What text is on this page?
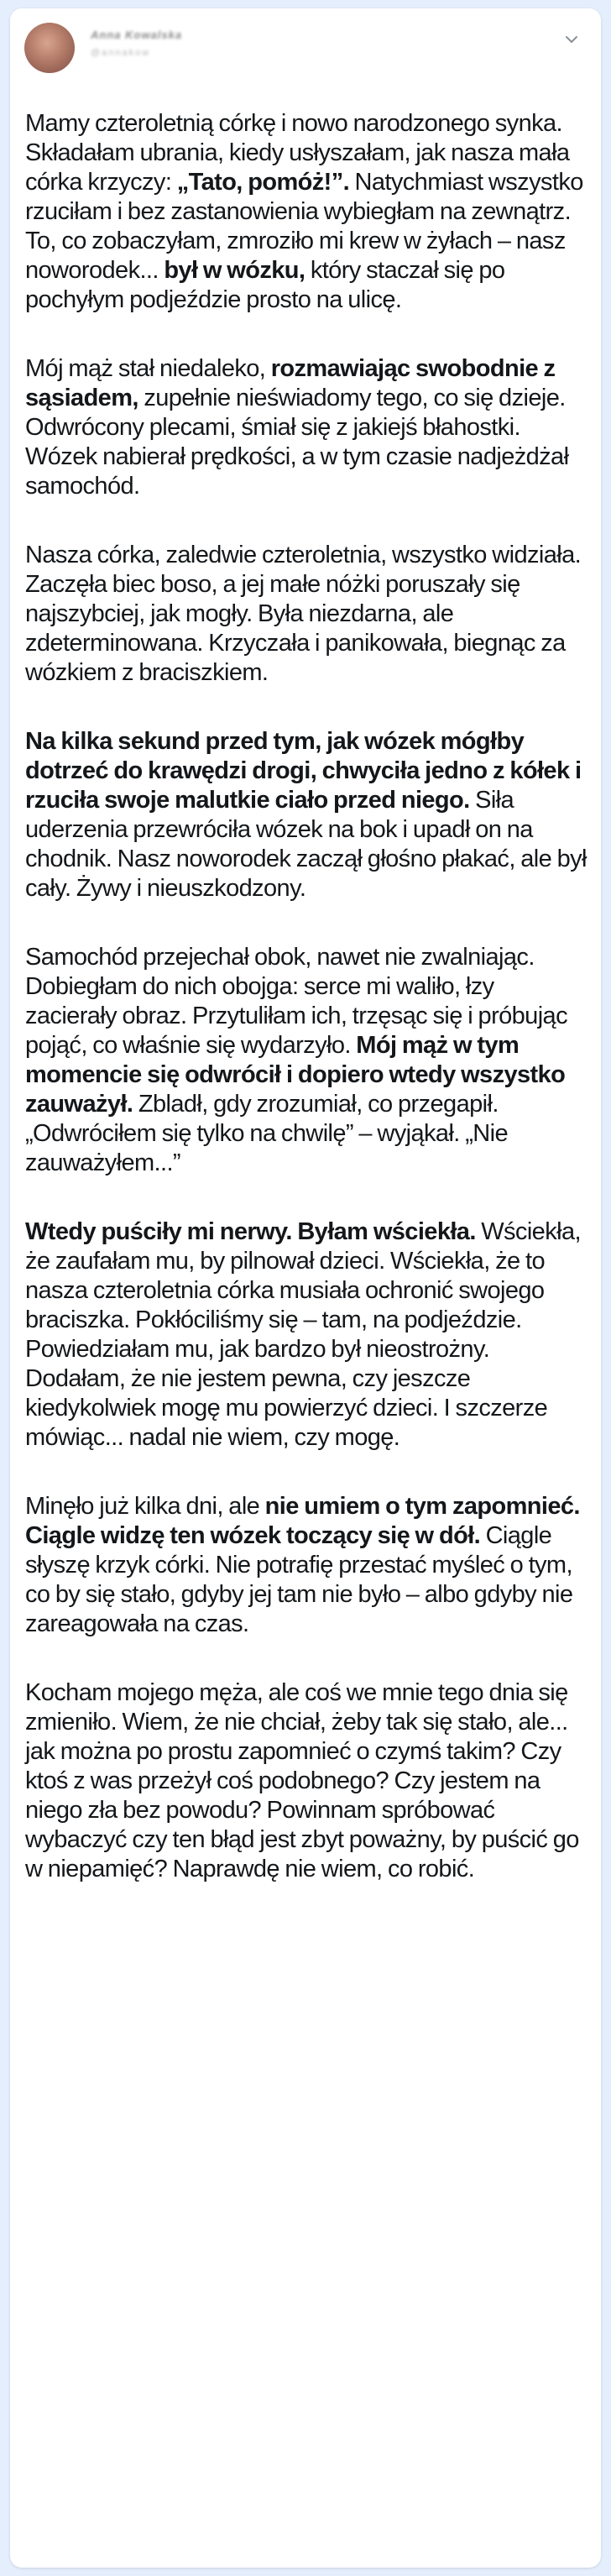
Anna Kowalska
@annakow

Mamy czteroletnią córkę i nowo narodzonego synka. Składałam ubrania, kiedy usłyszałam, jak nasza mała córka krzyczy: „Tato, pomóż!”. Natychmiast wszystko rzuciłam i bez zastanowienia wybiegłam na zewnątrz. To, co zobaczyłam, zmroziło mi krew w żyłach – nasz noworodek... był w wózku, który staczał się po pochyłym podjeździe prosto na ulicę.

Mój mąż stał niedaleko, rozmawiając swobodnie z sąsiadem, zupełnie nieświadomy tego, co się dzieje. Odwrócony plecami, śmiał się z jakiejś błahostki. Wózek nabierał prędkości, a w tym czasie nadjeżdżał samochód.

Nasza córka, zaledwie czteroletnia, wszystko widziała. Zaczęła biec boso, a jej małe nóżki poruszały się najszybciej, jak mogły. Była niezdarna, ale zdeterminowana. Krzyczała i panikowała, biegnąc za wózkiem z braciszkiem.

Na kilka sekund przed tym, jak wózek mógłby dotrzeć do krawędzi drogi, chwyciła jedno z kółek i rzuciła swoje malutkie ciało przed niego. Siła uderzenia przewróciła wózek na bok i upadł on na chodnik. Nasz noworodek zaczął głośno płakać, ale był cały. Żywy i nieuszkodzony.

Samochód przejechał obok, nawet nie zwalniając. Dobiegłam do nich obojga: serce mi waliło, łzy zacierały obraz. Przytuliłam ich, trzęsąc się i próbując pojąć, co właśnie się wydarzyło. Mój mąż w tym momencie się odwrócił i dopiero wtedy wszystko zauważył. Zbladł, gdy zrozumiał, co przegapił. „Odwróciłem się tylko na chwilę” – wyjąkał. „Nie zauważyłem...”

Wtedy puściły mi nerwy. Byłam wściekła. Wściekła, że zaufałam mu, by pilnował dzieci. Wściekła, że to nasza czteroletnia córka musiała ochronić swojego braciszka. Pokłóciliśmy się – tam, na podjeździe. Powiedziałam mu, jak bardzo był nieostrożny. Dodałam, że nie jestem pewna, czy jeszcze kiedykolwiek mogę mu powierzyć dzieci. I szczerze mówiąc... nadal nie wiem, czy mogę.

Minęło już kilka dni, ale nie umiem o tym zapomnieć. Ciągle widzę ten wózek toczący się w dół. Ciągle słyszę krzyk córki. Nie potrafię przestać myśleć o tym, co by się stało, gdyby jej tam nie było – albo gdyby nie zareagowała na czas.

Kocham mojego męża, ale coś we mnie tego dnia się zmieniło. Wiem, że nie chciał, żeby tak się stało, ale... jak można po prostu zapomnieć o czymś takim? Czy ktoś z was przeżył coś podobnego? Czy jestem na niego zła bez powodu? Powinnam spróbować wybaczyć czy ten błąd jest zbyt poważny, by puścić go w niepamięć? Naprawdę nie wiem, co robić.
